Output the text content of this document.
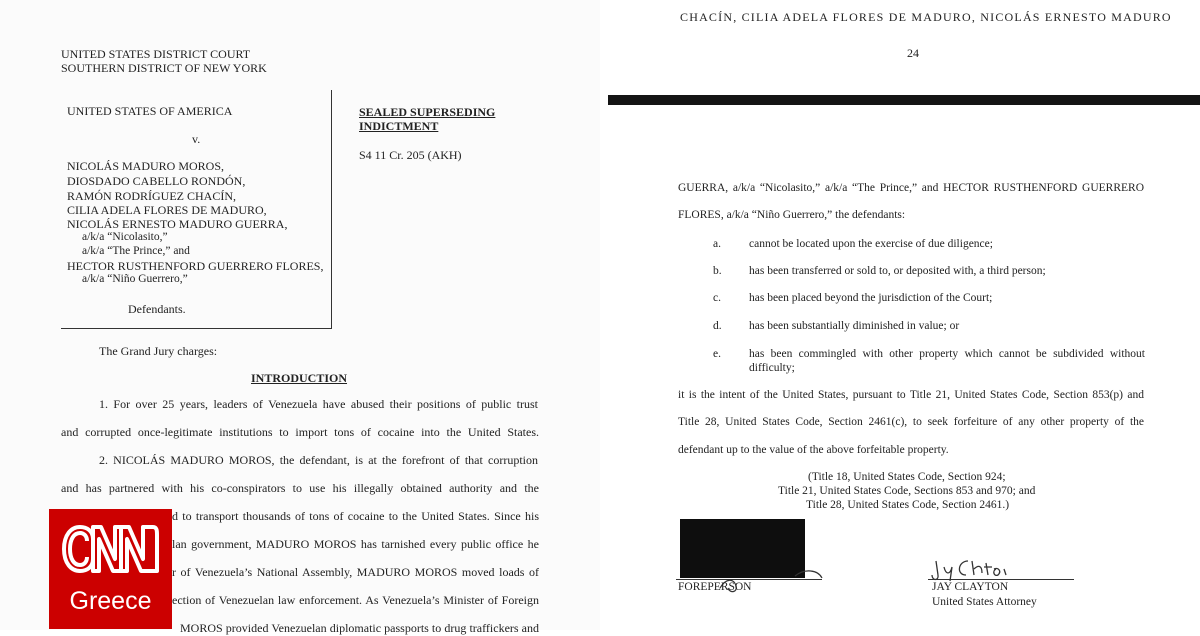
UNITED STATES DISTRICT COURT
SOUTHERN DISTRICT OF NEW YORK
UNITED STATES OF AMERICA
v.
NICOLÁS MADURO MOROS,
DIOSDADO CABELLO RONDÓN,
RAMÓN RODRÍGUEZ CHACÍN,
CILIA ADELA FLORES DE MADURO,
NICOLÁS ERNESTO MADURO GUERRA,
a/k/a “Nicolasito,”
a/k/a “The Prince,” and
HECTOR RUSTHENFORD GUERRERO FLORES,
a/k/a “Niño Guerrero,”
Defendants.
SEALED SUPERSEDING
INDICTMENT
S4 11 Cr. 205 (AKH)
The Grand Jury charges:
INTRODUCTION
1. For over 25 years, leaders of Venezuela have abused their positions of public trust
and corrupted once-legitimate institutions to import tons of cocaine into the United States.
2. NICOLÁS MADURO MOROS, the defendant, is at the forefront of that corruption
and has partnered with his co-conspirators to use his illegally obtained authority and the
d to transport thousands of tons of cocaine to the United States. Since his
lan government, MADURO MOROS has tarnished every public office he
r of Venezuela’s National Assembly, MADURO MOROS moved loads of
ection of Venezuelan law enforcement. As Venezuela’s Minister of Foreign
MOROS provided Venezuelan diplomatic passports to drug traffickers and
CHACÍN, CILIA ADELA FLORES DE MADURO, NICOLÁS ERNESTO MADURO
24
GUERRA, a/k/a “Nicolasito,” a/k/a “The Prince,” and HECTOR RUSTHENFORD GUERRERO
FLORES, a/k/a “Niño Guerrero,” the defendants:
a. cannot be located upon the exercise of due diligence;
b. has been transferred or sold to, or deposited with, a third person;
c. has been placed beyond the jurisdiction of the Court;
d. has been substantially diminished in value; or
e. has been commingled with other property which cannot be subdivided without
difficulty;
it is the intent of the United States, pursuant to Title 21, United States Code, Section 853(p) and
Title 28, United States Code, Section 2461(c), to seek forfeiture of any other property of the
defendant up to the value of the above forfeitable property.
(Title 18, United States Code, Section 924;
Title 21, United States Code, Sections 853 and 970; and
Title 28, United States Code, Section 2461.)
FOREPERSON	JAY CLAYTON
United States Attorney
Greece
